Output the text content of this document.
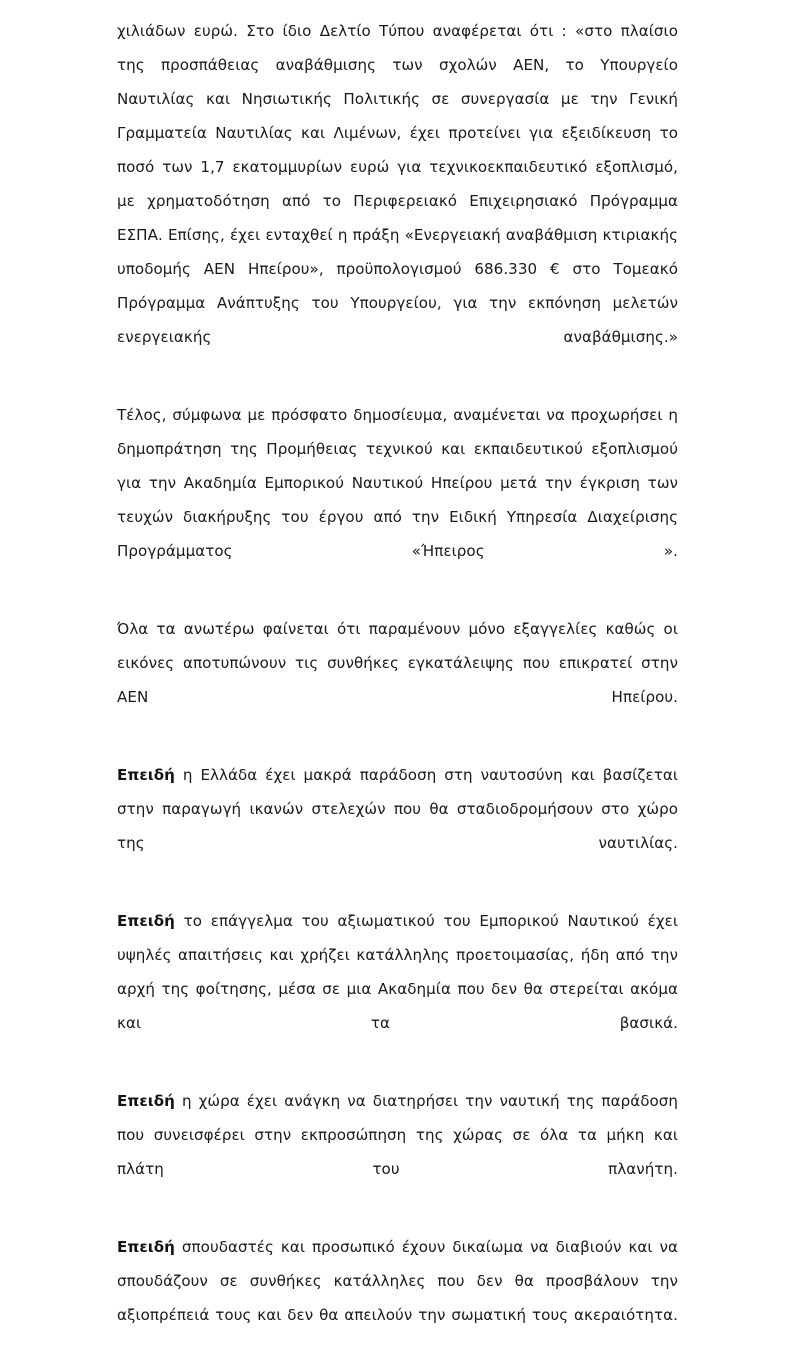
χιλιάδων ευρώ. Στο ίδιο Δελτίο Τύπου αναφέρεται ότι : «στο πλαίσιο της προσπάθειας αναβάθμισης των σχολών ΑΕΝ, το Υπουργείο Ναυτιλίας και Νησιωτικής Πολιτικής σε συνεργασία με την Γενική Γραμματεία Ναυτιλίας και Λιμένων, έχει προτείνει για εξειδίκευση το ποσό των 1,7 εκατομμυρίων ευρώ για τεχνικοεκπαιδευτικό εξοπλισμό, με χρηματοδότηση από το Περιφερειακό Επιχειρησιακό Πρόγραμμα ΕΣΠΑ. Επίσης, έχει ενταχθεί η πράξη «Ενεργειακή αναβάθμιση κτιριακής υποδομής ΑΕΝ Ηπείρου», προϋπολογισμού 686.330 € στο Τομεακό Πρόγραμμα Ανάπτυξης του Υπουργείου, για την εκπόνηση μελετών ενεργειακής αναβάθμισης.»

Τέλος, σύμφωνα με πρόσφατο δημοσίευμα, αναμένεται να προχωρήσει η δημοπράτηση της Προμήθειας τεχνικού και εκπαιδευτικού εξοπλισμού για την Ακαδημία Εμπορικού Ναυτικού Ηπείρου μετά την έγκριση των τευχών διακήρυξης του έργου από την Ειδική Υπηρεσία Διαχείρισης Προγράμματος «Ήπειρος ».

Όλα τα ανωτέρω φαίνεται ότι παραμένουν μόνο εξαγγελίες καθώς οι εικόνες αποτυπώνουν τις συνθήκες εγκατάλειψης που επικρατεί στην ΑΕΝ Ηπείρου.

Επειδή η Ελλάδα έχει μακρά παράδοση στη ναυτοσύνη και βασίζεται στην παραγωγή ικανών στελεχών που θα σταδιοδρομήσουν στο χώρο της ναυτιλίας.

Επειδή το επάγγελμα του αξιωματικού του Εμπορικού Ναυτικού έχει υψηλές απαιτήσεις και χρήζει κατάλληλης προετοιμασίας, ήδη από την αρχή της φοίτησης, μέσα σε μια Ακαδημία που δεν θα στερείται ακόμα και τα βασικά.

Επειδή η χώρα έχει ανάγκη να διατηρήσει την ναυτική της παράδοση που συνεισφέρει στην εκπροσώπηση της χώρας σε όλα τα μήκη και πλάτη του πλανήτη.

Επειδή σπουδαστές και προσωπικό έχουν δικαίωμα να διαβιούν και να σπουδάζουν σε συνθήκες κατάλληλες που δεν θα προσβάλουν την αξιοπρέπειά τους και δεν θα απειλούν την σωματική τους ακεραιότητα.
